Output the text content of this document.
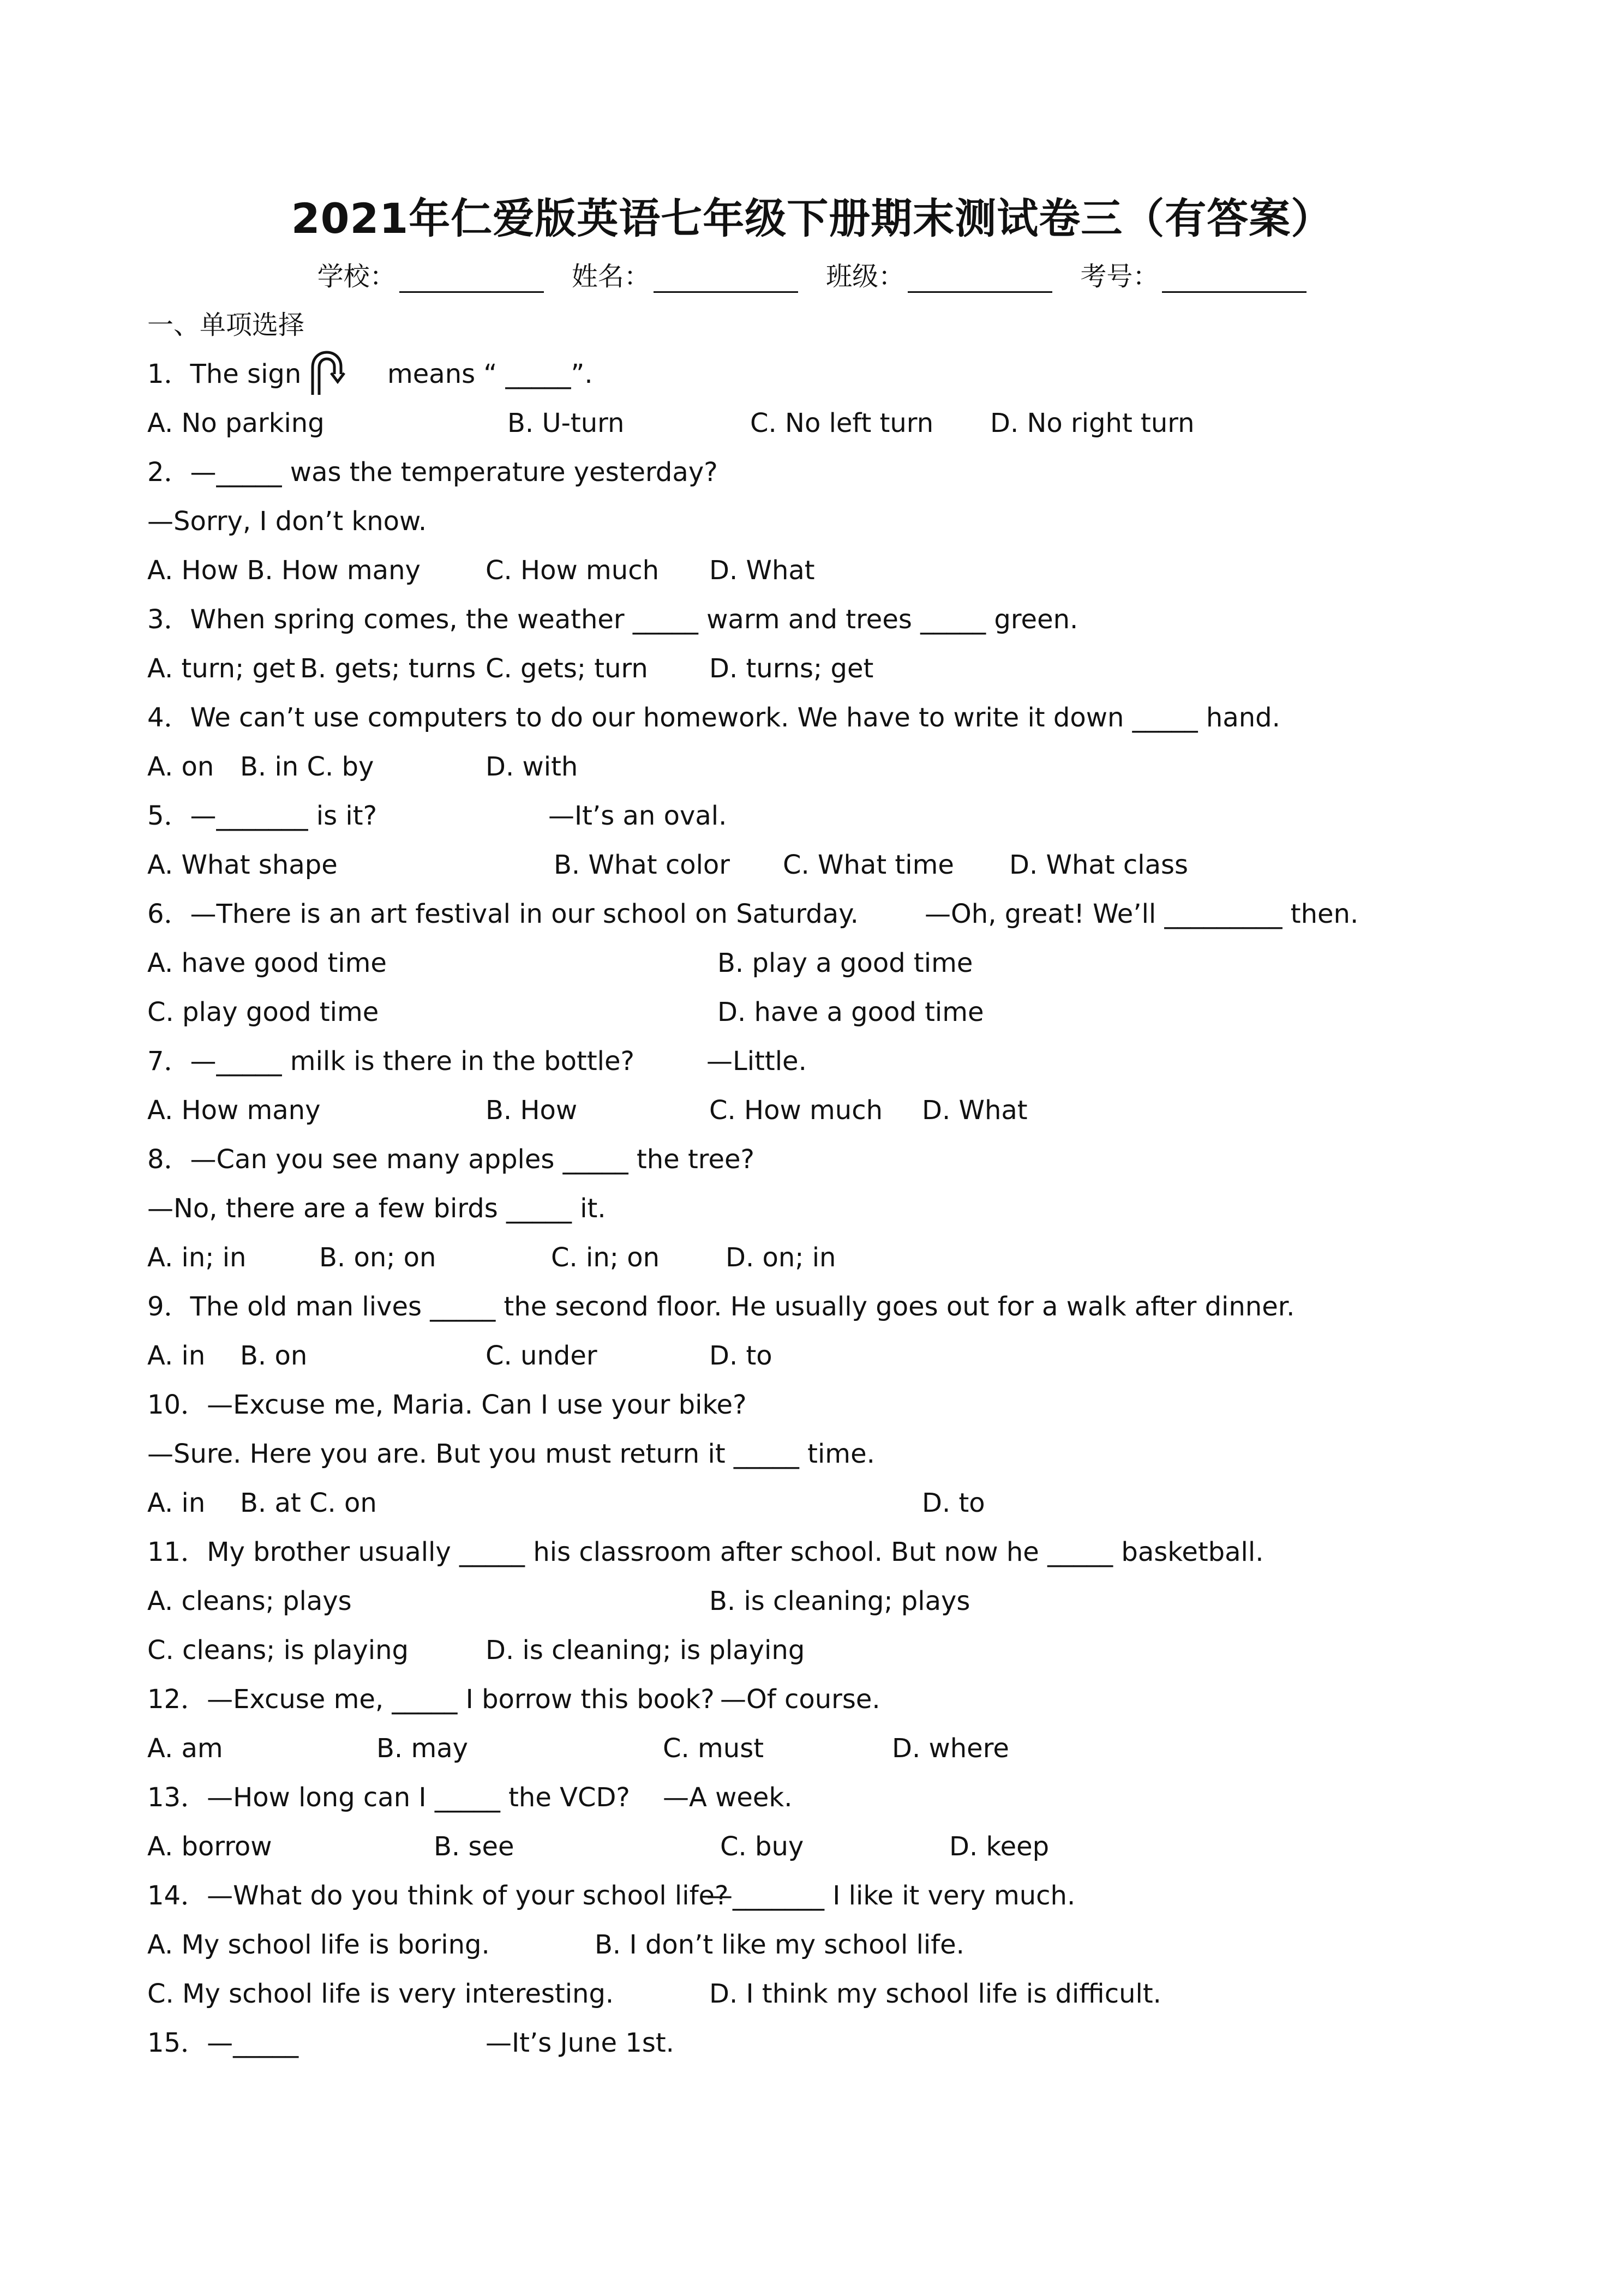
2021年仁爱版英语七年级下册期末测试卷三（有答案）
学校：	姓名：	班级：	考号：
一、单项选择
1．The sign	means “ _____”.
A. No parking	B. U-turn	C. No left turn D. No right turn
2．—_____ was the temperature yesterday?
—Sorry, I don’t know.
A. How B. How many C. How much D. What
3．When spring comes, the weather _____ warm and trees _____ green.
A. turn; get B. gets; turns C. gets; turn D. turns; get
4．We can’t use computers to do our homework. We have to write it down _____ hand.
A. on B. in C. by	D. with
5．—_______ is it?	—It’s an oval.
A. What shape	B. What color C. What time D. What class
6．—There is an art festival in our school on Saturday.	—Oh, great! We’ll _________ then.
A. have good time	B. play a good time
C. play good time	D. have a good time
7．—_____ milk is there in the bottle?	—Little.
A. How many	B. How	C. How much D. What
8．—Can you see many apples _____ the tree?
—No, there are a few birds _____ it.
A. in; in	B. on; on	C. in; on	D. on; in
9．The old man lives _____ the second floor. He usually goes out for a walk after dinner.
A. in B. on	C. under	D. to
10．—Excuse me, Maria. Can I use your bike?
—Sure. Here you are. But you must return it _____ time.
A. in B. at C. on	D. to
11．My brother usually _____ his classroom after school. But now he _____ basketball.
A. cleans; plays	B. is cleaning; plays
C. cleans; is playing	D. is cleaning; is playing
12．—Excuse me, _____ I borrow this book? —Of course.
A. am	B. may	C. must	D. where
13．—How long can I _____ the VCD? —A week.
A. borrow	B. see	C. buy	D. keep
14．—What do you think of your school life?
—_______ I like it very much.
A. My school life is boring.	B. I don’t like my school life.
C. My school life is very interesting.	D. I think my school life is difficult.
15．—_____	—It’s June 1st.
